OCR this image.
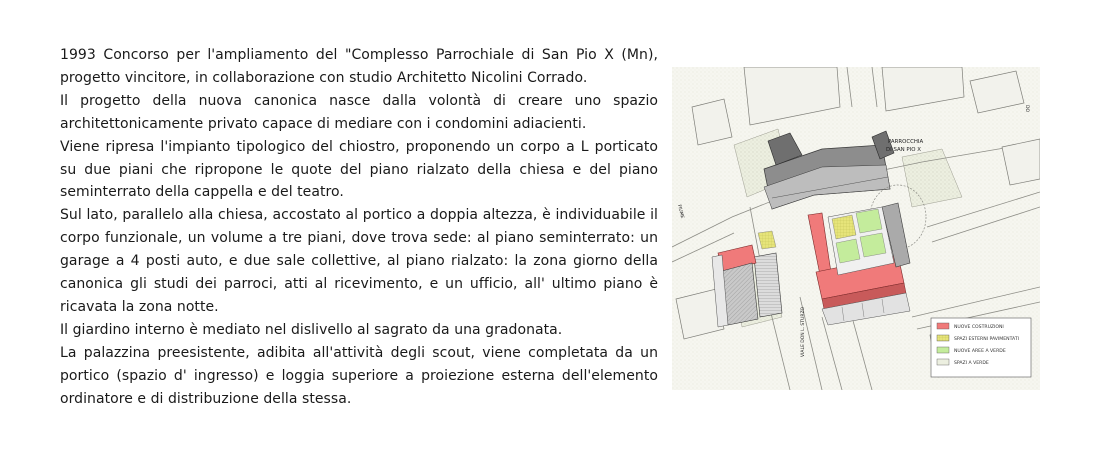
1993 Concorso per l'ampliamento del "Complesso Parrochiale di San Pio X (Mn), progetto vincitore, in collaborazione con studio Architetto Nicolini Corrado.

Il progetto della nuova canonica nasce dalla volontà di creare uno spazio architettonicamente privato capace di mediare con i condomini adiacienti.

Viene ripresa l'impianto tipologico del chiostro, proponendo un corpo a L porticato su due piani che ripropone le quote del piano rialzato della chiesa e del piano seminterrato della cappella e del teatro.

Sul lato, parallelo alla chiesa, accostato al portico a doppia altezza, è individuabile il corpo funzionale, un volume a tre piani, dove trova sede: al piano seminterrato: un garage a 4 posti auto, e due sale collettive, al piano rialzato: la zona giorno della canonica gli studi dei parroci, atti al ricevimento, e un ufficio, all' ultimo piano è ricavata la zona notte.

Il giardino interno è mediato nel dislivello al sagrato da una gradonata.

La palazzina preesistente, adibita all'attività degli scout, viene completata da un portico (spazio d' ingresso) e loggia superiore a proiezione esterna dell'elemento ordinatore e di distribuzione della stessa.

PARROCCHIA
DI SAN PIO X
FIUME
VIALE DON L. STURZO
DO
NUOVE COSTRUZIONI
SPAZI ESTERNI PAVIMENTATI
NUOVE AREE A VERDE
SPAZI A VERDE
